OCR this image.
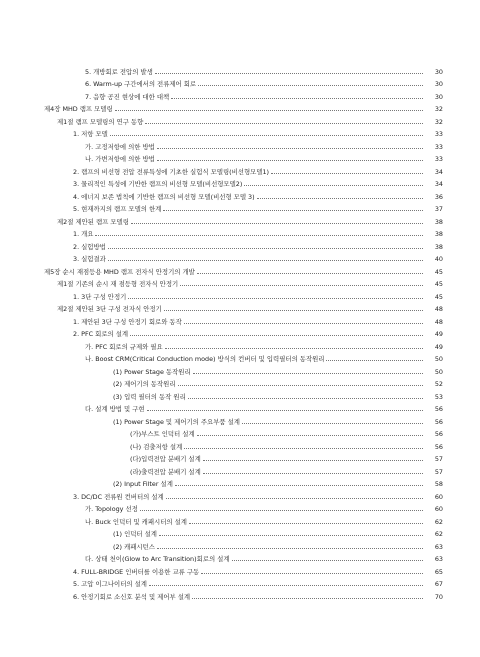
5. 개방회로 전압의 발생	30
6. Warm-up 구간에서의 전류제어 회로	30
7. 음향 공진 현상에 대한 대책	30
제4장 MHD 램프 모델링	32
제1절 램프 모델링의 연구 동향	32
1. 저항 모델	33
가. 고정저항에 의한 방법	33
나. 가변저항에 의한 방법	33
2. 램프의 비선형 전압 전류특성에 기초한 실험식 모델링(비선형모델1)	34
3. 물리적인 특성에 기반한 램프의 비선형 모델(비선형모델2)	34
4. 에너지 보존 법칙에 기반한 램프의 비선형 모델(비선형 모델 3)	36
5. 현재까지의 램프 모델의 한계	37
제2절 제안된 램프 모델링	38
1. 개요	38
2. 실험방법	38
3. 실험결과	40
제5장 순시 재점등용 MHD 램프 전자식 안정기의 개발	45
제1절 기존의 순시 재 점등형 전자식 안정기	45
1. 3단 구성 안정기	45
제2절 제안된 3단 구성 전자식 안정기	48
1. 제안된 3단 구성 안정기 회로와 동작	48
2. PFC 회로의 설계	49
가. PFC 회로의 규제와 필요	49
나. Boost CRM(Critical Conduction mode) 방식의 컨버터 및 입력필터의 동작원리	50
(1) Power Stage 동작원리	50
(2) 제어기의 동작원리	52
(3) 입력 필터의 동작 원리	53
다. 설계 방법 및 구현	56
(1) Power Stage 및 제어기의 주요부품 설계	56
(가)부스트 인덕터 설계	56
(나) 검출저항 설계	56
(다)입력전압 분배기 설계	57
(라)출력전압 분배기 설계	57
(2) Input Filter 설계	58
3. DC/DC 전류원 컨버터의 설계	60
가. Topology 선정	60
나. Buck 인덕터 및 캐패시터의 설계	62
(1) 인덕터 설계	62
(2) 캐패시턴스	63
다. 상태 천이(Glow to Arc Transition)회로의 설계	63
4. FULL-BRIDGE 인버터를 이용한 교류 구동	65
5. 고압 이그나이터의 설계	67
6. 안정기회로 소신호 분석 및 제어부 설계	70
